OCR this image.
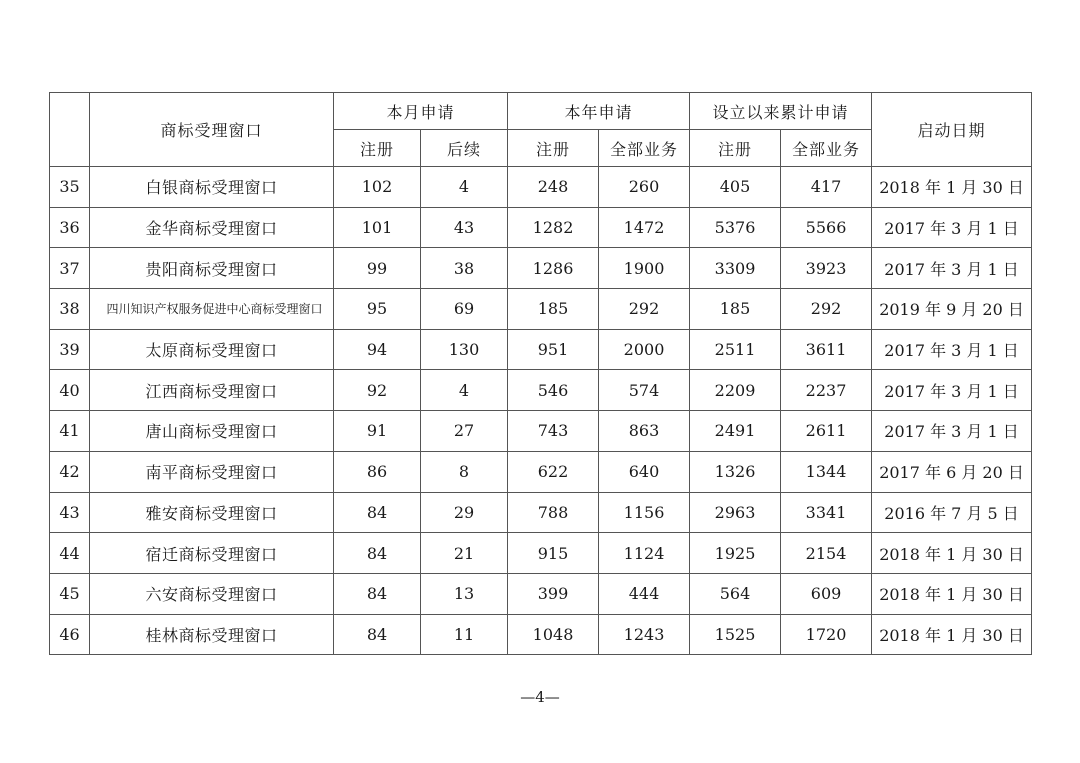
	商标受理窗口	本月申请		本年申请		设立以来累计申请		启动日期
		注册	后续	注册	全部业务	注册	全部业务	
35	白银商标受理窗口	102	4	248	260	405	417	2018 年 1 月 30 日
36	金华商标受理窗口	101	43	1282	1472	5376	5566	2017 年 3 月 1 日
37	贵阳商标受理窗口	99	38	1286	1900	3309	3923	2017 年 3 月 1 日
38	四川知识产权服务促进中心商标受理窗口	95	69	185	292	185	292	2019 年 9 月 20 日
39	太原商标受理窗口	94	130	951	2000	2511	3611	2017 年 3 月 1 日
40	江西商标受理窗口	92	4	546	574	2209	2237	2017 年 3 月 1 日
41	唐山商标受理窗口	91	27	743	863	2491	2611	2017 年 3 月 1 日
42	南平商标受理窗口	86	8	622	640	1326	1344	2017 年 6 月 20 日
43	雅安商标受理窗口	84	29	788	1156	2963	3341	2016 年 7 月 5 日
44	宿迁商标受理窗口	84	21	915	1124	1925	2154	2018 年 1 月 30 日
45	六安商标受理窗口	84	13	399	444	564	609	2018 年 1 月 30 日
46	桂林商标受理窗口	84	11	1048	1243	1525	1720	2018 年 1 月 30 日
—4—
